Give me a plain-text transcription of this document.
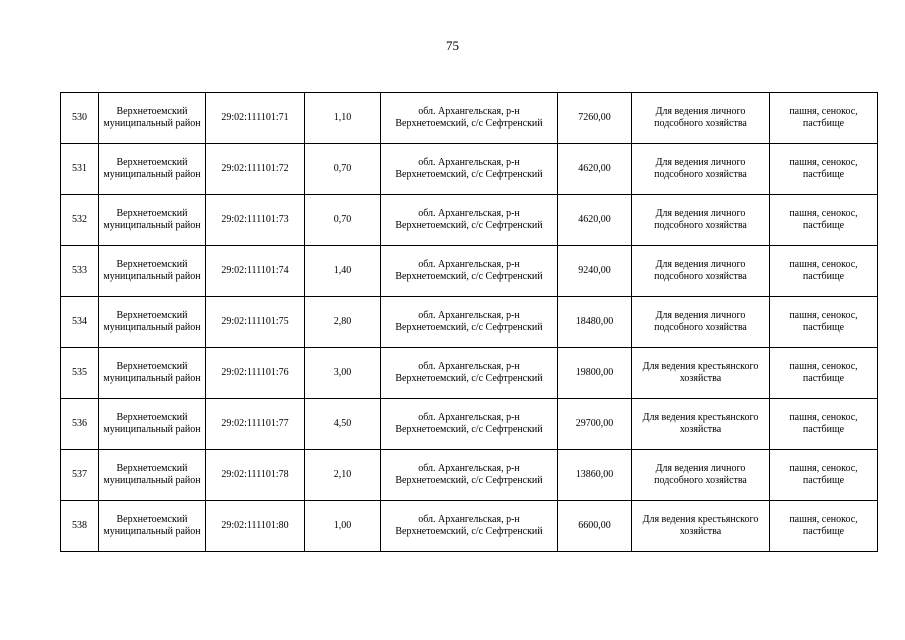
75
530	Верхнетоемский муниципальный район	29:02:111101:71	1,10	обл. Архангельская, р-н Верхнетоемский, с/с Сефтренский	7260,00	Для ведения личного подсобного хозяйства	пашня, сенокос, пастбище
531	Верхнетоемский муниципальный район	29:02:111101:72	0,70	обл. Архангельская, р-н Верхнетоемский, с/с Сефтренский	4620,00	Для ведения личного подсобного хозяйства	пашня, сенокос, пастбище
532	Верхнетоемский муниципальный район	29:02:111101:73	0,70	обл. Архангельская, р-н Верхнетоемский, с/с Сефтренский	4620,00	Для ведения личного подсобного хозяйства	пашня, сенокос, пастбище
533	Верхнетоемский муниципальный район	29:02:111101:74	1,40	обл. Архангельская, р-н Верхнетоемский, с/с Сефтренский	9240,00	Для ведения личного подсобного хозяйства	пашня, сенокос, пастбище
534	Верхнетоемский муниципальный район	29:02:111101:75	2,80	обл. Архангельская, р-н Верхнетоемский, с/с Сефтренский	18480,00	Для ведения личного подсобного хозяйства	пашня, сенокос, пастбище
535	Верхнетоемский муниципальный район	29:02:111101:76	3,00	обл. Архангельская, р-н Верхнетоемский, с/с Сефтренский	19800,00	Для ведения крестьянского хозяйства	пашня, сенокос, пастбище
536	Верхнетоемский муниципальный район	29:02:111101:77	4,50	обл. Архангельская, р-н Верхнетоемский, с/с Сефтренский	29700,00	Для ведения крестьянского хозяйства	пашня, сенокос, пастбище
537	Верхнетоемский муниципальный район	29:02:111101:78	2,10	обл. Архангельская, р-н Верхнетоемский, с/с Сефтренский	13860,00	Для ведения личного подсобного хозяйства	пашня, сенокос, пастбище
538	Верхнетоемский муниципальный район	29:02:111101:80	1,00	обл. Архангельская, р-н Верхнетоемский, с/с Сефтренский	6600,00	Для ведения крестьянского хозяйства	пашня, сенокос, пастбище
